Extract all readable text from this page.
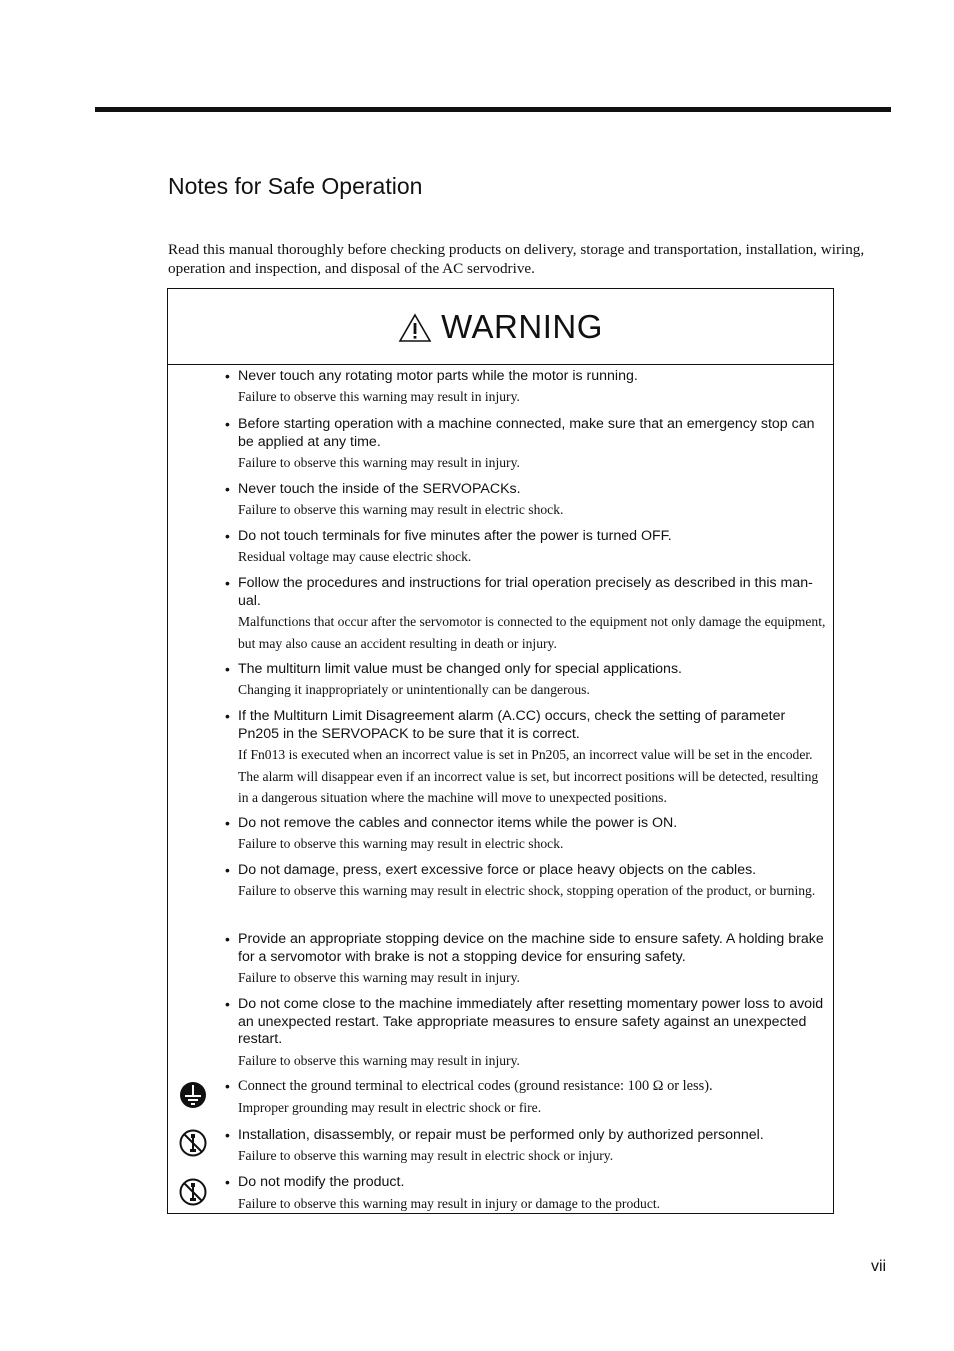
Notes for Safe Operation

Read this manual thoroughly before checking products on delivery, storage and transportation, installation, wiring, operation and inspection, and disposal of the AC servodrive.

WARNING
• Never touch any rotating motor parts while the motor is running.
Failure to observe this warning may result in injury.
• Before starting operation with a machine connected, make sure that an emergency stop can be applied at any time.
Failure to observe this warning may result in injury.
• Never touch the inside of the SERVOPACKs.
Failure to observe this warning may result in electric shock.
• Do not touch terminals for five minutes after the power is turned OFF.
Residual voltage may cause electric shock.
• Follow the procedures and instructions for trial operation precisely as described in this man-ual.
Malfunctions that occur after the servomotor is connected to the equipment not only damage the equipment, but may also cause an accident resulting in death or injury.
• The multiturn limit value must be changed only for special applications.
Changing it inappropriately or unintentionally can be dangerous.
• If the Multiturn Limit Disagreement alarm (A.CC) occurs, check the setting of parameter Pn205 in the SERVOPACK to be sure that it is correct.
If Fn013 is executed when an incorrect value is set in Pn205, an incorrect value will be set in the encoder. The alarm will disappear even if an incorrect value is set, but incorrect positions will be detected, resulting in a dangerous situation where the machine will move to unexpected positions.
• Do not remove the cables and connector items while the power is ON.
Failure to observe this warning may result in electric shock.
• Do not damage, press, exert excessive force or place heavy objects on the cables.
Failure to observe this warning may result in electric shock, stopping operation of the product, or burning.
• Provide an appropriate stopping device on the machine side to ensure safety. A holding brake for a servomotor with brake is not a stopping device for ensuring safety.
Failure to observe this warning may result in injury.
• Do not come close to the machine immediately after resetting momentary power loss to avoid an unexpected restart. Take appropriate measures to ensure safety against an unexpected restart.
Failure to observe this warning may result in injury.
• Connect the ground terminal to electrical codes (ground resistance: 100 Ω or less).
Improper grounding may result in electric shock or fire.
• Installation, disassembly, or repair must be performed only by authorized personnel.
Failure to observe this warning may result in electric shock or injury.
• Do not modify the product.
Failure to observe this warning may result in injury or damage to the product.
vii
